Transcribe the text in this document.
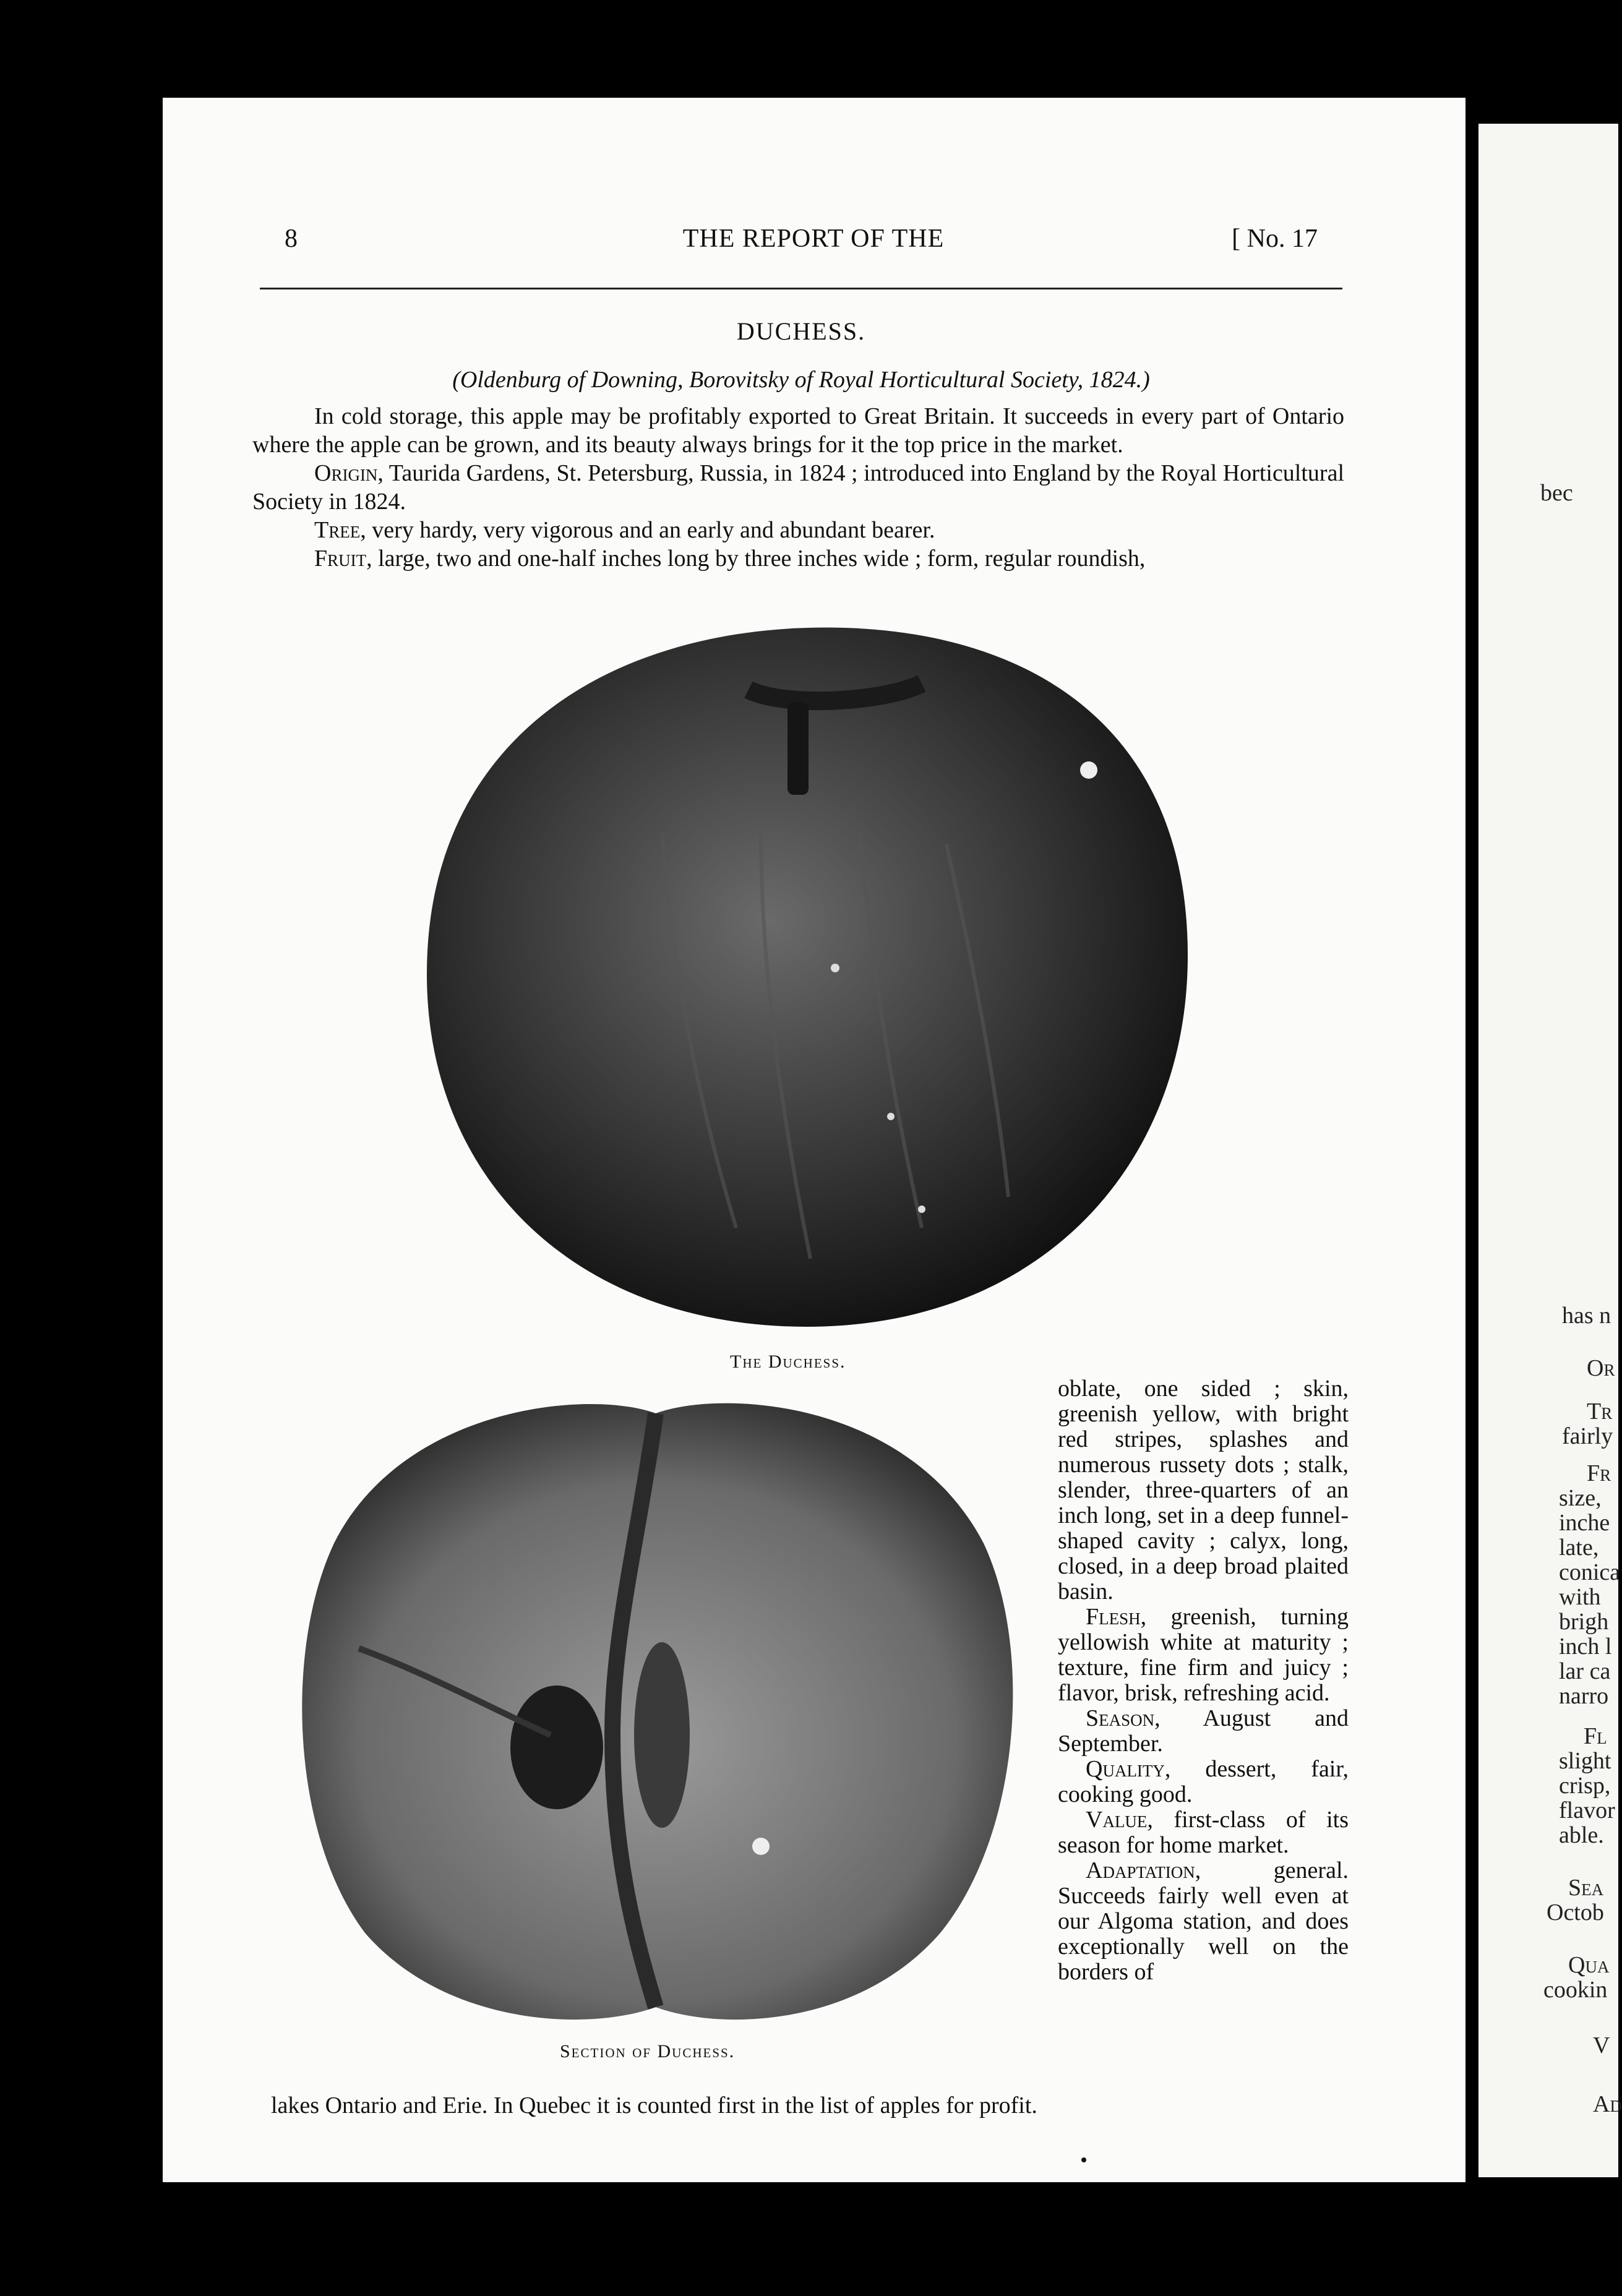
8	THE REPORT OF THE	[ No. 17
DUCHESS.
(Oldenburg of Downing, Borovitsky of Royal Horticultural Society, 1824.)

In cold storage, this apple may be profitably exported to Great Britain. It succeeds in every part of Ontario where the apple can be grown, and its beauty always brings for it the top price in the market.

Origin, Taurida Gardens, St. Petersburg, Russia, in 1824 ; introduced into England by the Royal Horticultural Society in 1824.

Tree, very hardy, very vigorous and an early and abundant bearer.

Fruit, large, two and one-half inches long by three inches wide ; form, regular roundish,

The Duchess.
Section of Duchess.

oblate, one sided ; skin, greenish yellow, with bright red stripes, splashes and numerous russety dots ; stalk, slender, three-quarters of an inch long, set in a deep funnel-shaped cavity ; calyx, long, closed, in a deep broad plaited basin.

Flesh, greenish, turning yellowish white at maturity ; texture, fine firm and juicy ; flavor, brisk, refreshing acid.

Season, August and September.

Quality, dessert, fair, cooking good.

Value, first-class of its season for home market.

Adaptation, general. Succeeds fairly well even at our Algoma station, and does exceptionally well on the borders of

lakes Ontario and Erie. In Quebec it is counted first in the list of apples for profit.

bec
has n
Or
Tr
fairly
Fr
size,
inche
late,
conica
with
brigh
inch l
lar ca
narro
Fl
slight
crisp,
flavor
able.
Sea
Octob
Qua
cookin
V
Ad
